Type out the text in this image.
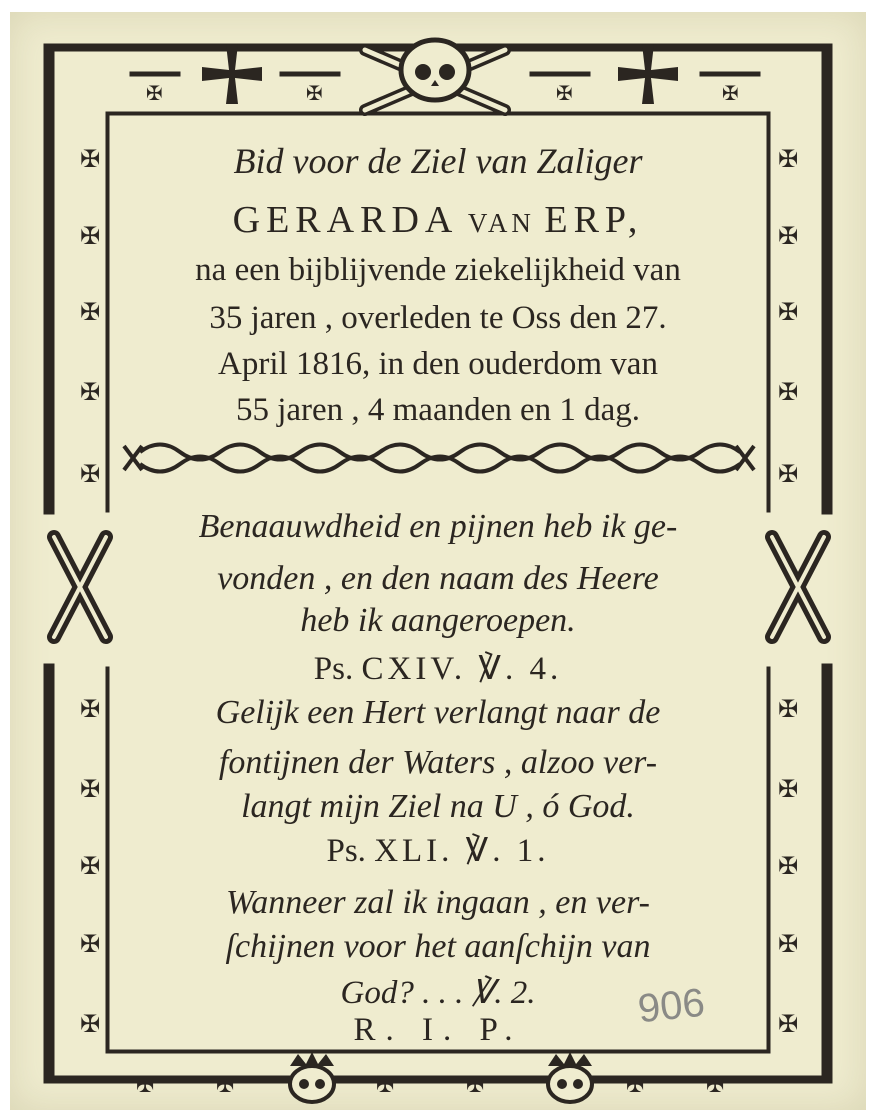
✠
✠
✠
✠
✠
✠
✠
✠
✠
✠
✠
✠
✠
✠
✠
✠
✠
✠
✠
✠
✠	✠	✠	✠
✠	✠	✠	✠	✠	✠

Bid voor de Ziel van Zaliger

GERARDA van ERP,

na een bijblijvende ziekelijkheid van

35 jaren , overleden te Oss den 27.

April 1816, in den ouderdom van

55 jaren , 4 maanden en 1 dag.

Benaauwdheid en pijnen heb ik ge-

vonden , en den naam des Heere

heb ik aangeroepen.

Ps. CXIV. ℣. 4.

Gelijk een Hert verlangt naar de

fontijnen der Waters , alzoo ver-

langt mijn Ziel na U , ó God.

Ps. XLI. ℣. 1.

Wanneer zal ik ingaan , en ver-

ſchijnen voor het aanſchijn van

God? . . . ℣. 2.

R. I. P.	906
